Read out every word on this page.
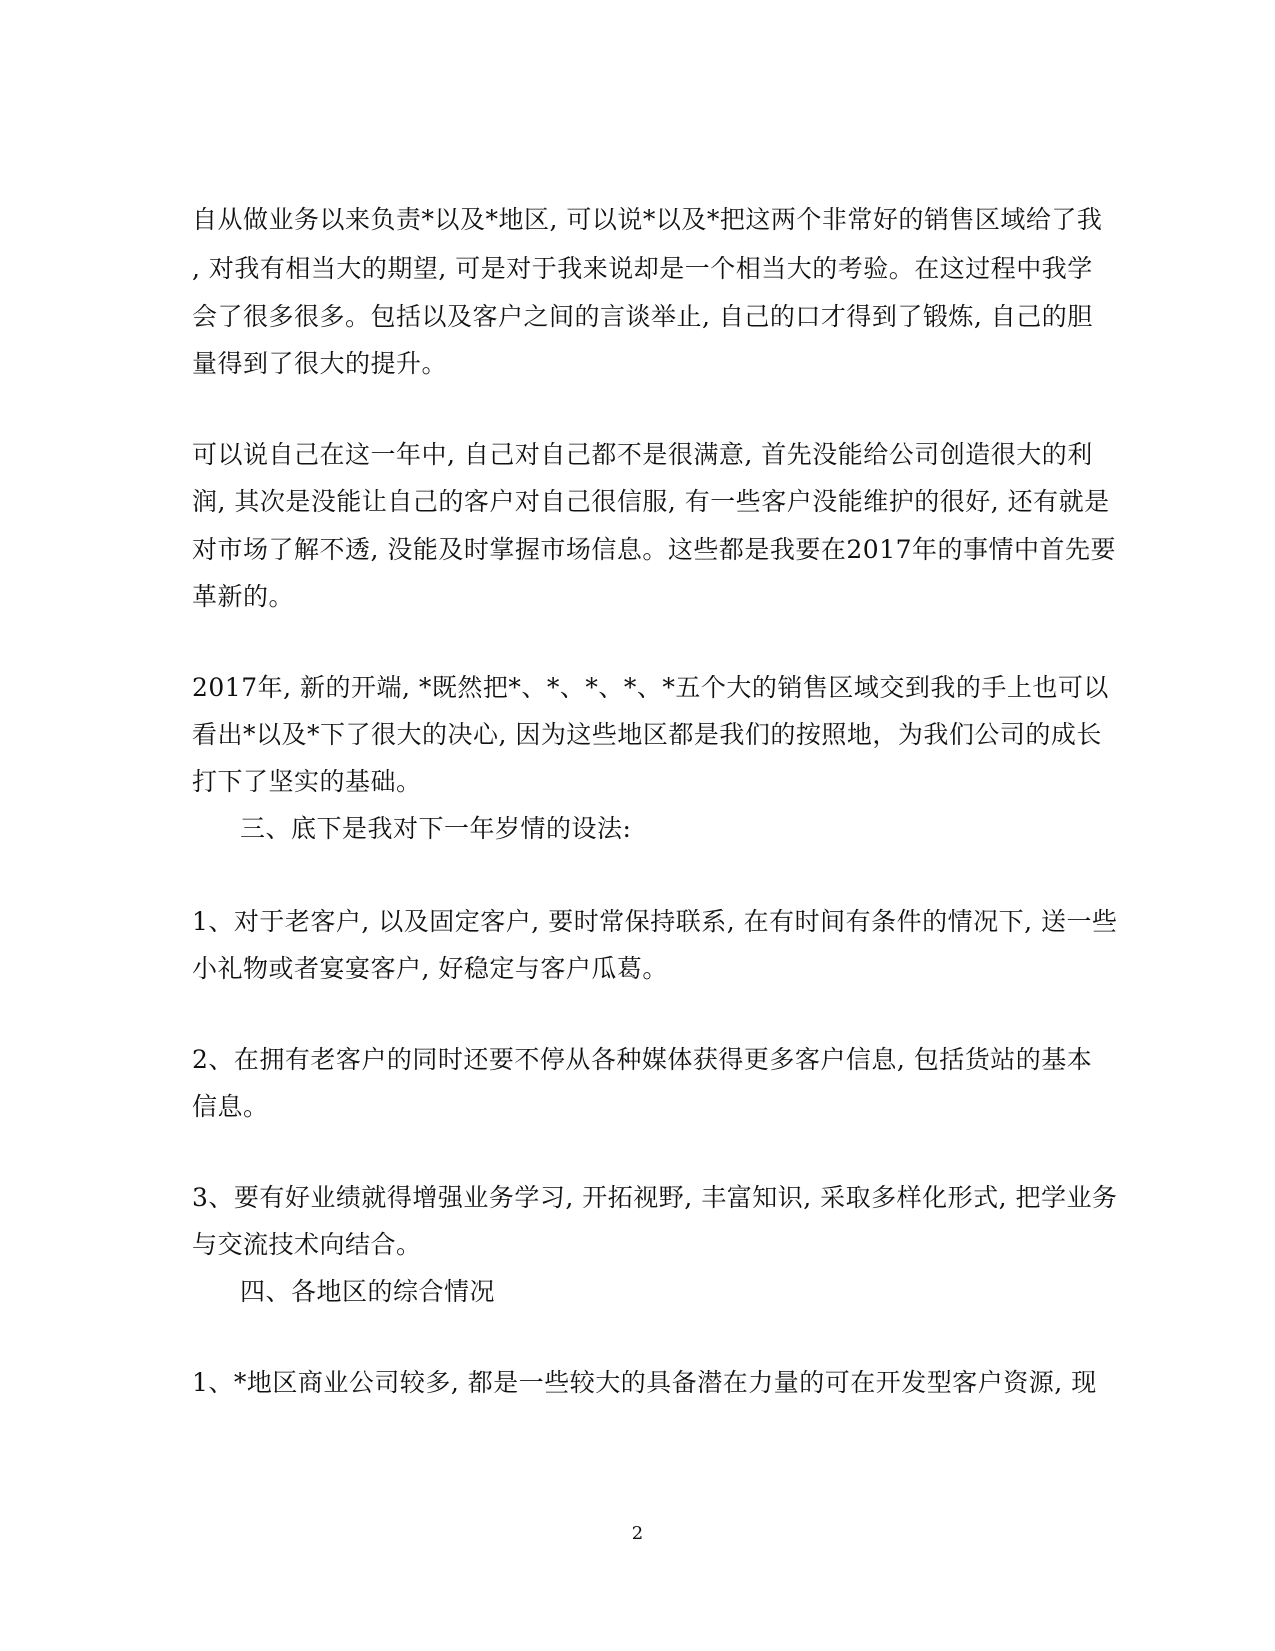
自从做业务以来负责*以及*地区, 可以说*以及*把这两个非常好的销售区域给了我
, 对我有相当大的期望, 可是对于我来说却是一个相当大的考验。在这过程中我学
会了很多很多。包括以及客户之间的言谈举止, 自己的口才得到了锻炼, 自己的胆
量得到了很大的提升。
可以说自己在这一年中, 自己对自己都不是很满意, 首先没能给公司创造很大的利
润, 其次是没能让自己的客户对自己很信服, 有一些客户没能维护的很好, 还有就是
对市场了解不透, 没能及时掌握市场信息。这些都是我要在2017年的事情中首先要
革新的。
2017年, 新的开端, *既然把*、*、*、*、*五个大的销售区域交到我的手上也可以
看出*以及*下了很大的决心, 因为这些地区都是我们的按照地，为我们公司的成长
打下了坚实的基础。
三、底下是我对下一年岁情的设法:
1、对于老客户, 以及固定客户, 要时常保持联系, 在有时间有条件的情况下, 送一些
小礼物或者宴宴客户, 好稳定与客户瓜葛。
2、在拥有老客户的同时还要不停从各种媒体获得更多客户信息, 包括货站的基本
信息。
3、要有好业绩就得增强业务学习, 开拓视野, 丰富知识, 采取多样化形式, 把学业务
与交流技术向结合。
四、各地区的综合情况
1、*地区商业公司较多, 都是一些较大的具备潜在力量的可在开发型客户资源, 现
2
